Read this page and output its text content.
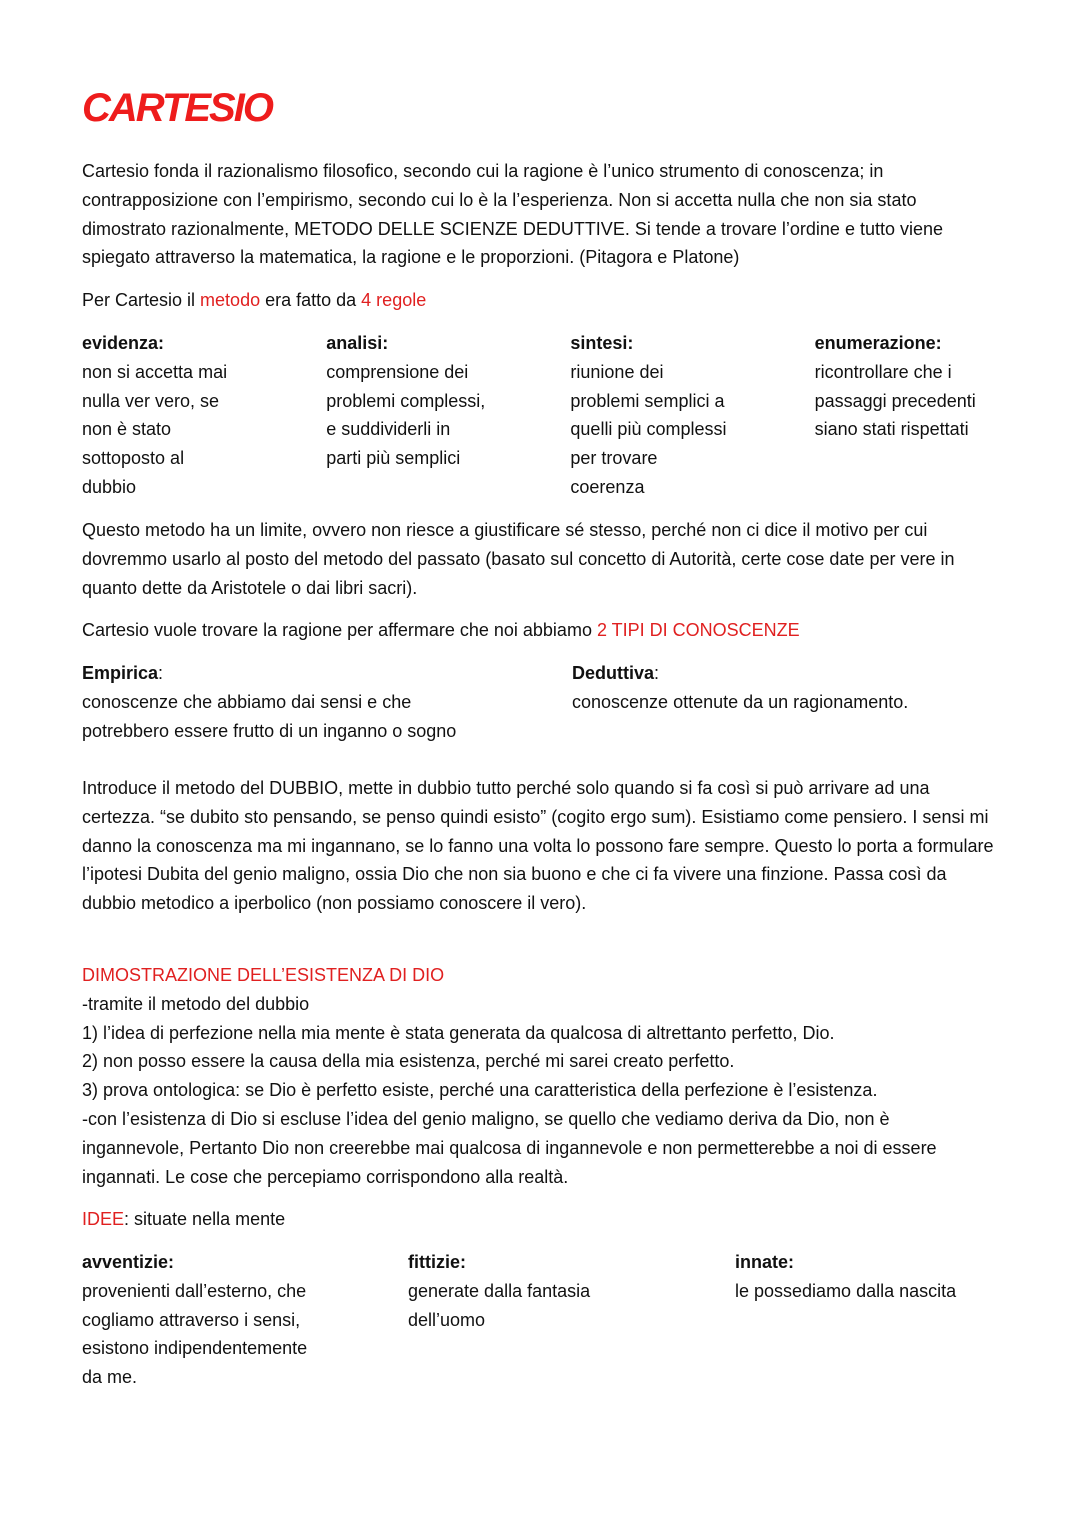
CARTESIO

Cartesio fonda il razionalismo filosofico, secondo cui la ragione è l’unico strumento di conoscenza; in contrapposizione con l’empirismo, secondo cui lo è la l’esperienza. Non si accetta nulla che non sia stato dimostrato razionalmente, METODO DELLE SCIENZE DEDUTTIVE. Si tende a trovare l’ordine e tutto viene spiegato attraverso la matematica, la ragione e le proporzioni. (Pitagora e Platone)

Per Cartesio il metodo era fatto da 4 regole

evidenza:
non si accetta mai
nulla ver vero, se
non è stato
sottoposto al
dubbio
analisi:
comprensione dei
problemi complessi,
e suddividerli in
parti più semplici
sintesi:
riunione dei
problemi semplici a
quelli più complessi
per trovare
coerenza
enumerazione:
ricontrollare che i
passaggi precedenti
siano stati rispettati

Questo metodo ha un limite, ovvero non riesce a giustificare sé stesso, perché non ci dice il motivo per cui dovremmo usarlo al posto del metodo del passato (basato sul concetto di Autorità, certe cose date per vere in quanto dette da Aristotele o dai libri sacri).

Cartesio vuole trovare la ragione per affermare che noi abbiamo 2 TIPI DI CONOSCENZE

Empirica:
conoscenze che abbiamo dai sensi e che
potrebbero essere frutto di un inganno o sogno
Deduttiva:
conoscenze ottenute da un ragionamento.

Introduce il metodo del DUBBIO, mette in dubbio tutto perché solo quando si fa così si può arrivare ad una certezza. “se dubito sto pensando, se penso quindi esisto” (cogito ergo sum). Esistiamo come pensiero. I sensi mi danno la conoscenza ma mi ingannano, se lo fanno una volta lo possono fare sempre. Questo lo porta a formulare l’ipotesi Dubita del genio maligno, ossia Dio che non sia buono e che ci fa vivere una finzione. Passa così da dubbio metodico a iperbolico (non possiamo conoscere il vero).

DIMOSTRAZIONE DELL’ESISTENZA DI DIO
-tramite il metodo del dubbio
1) l’idea di perfezione nella mia mente è stata generata da qualcosa di altrettanto perfetto, Dio.
2) non posso essere la causa della mia esistenza, perché mi sarei creato perfetto.
3) prova ontologica: se Dio è perfetto esiste, perché una caratteristica della perfezione è l’esistenza.
-con l’esistenza di Dio si escluse l’idea del genio maligno, se quello che vediamo deriva da Dio, non è ingannevole, Pertanto Dio non creerebbe mai qualcosa di ingannevole e non permetterebbe a noi di essere ingannati. Le cose che percepiamo corrispondono alla realtà.

IDEE: situate nella mente

avventizie:
provenienti dall’esterno, che
cogliamo attraverso i sensi,
esistono indipendentemente
da me.
fittizie:
generate dalla fantasia
dell’uomo
innate:
le possediamo dalla nascita
